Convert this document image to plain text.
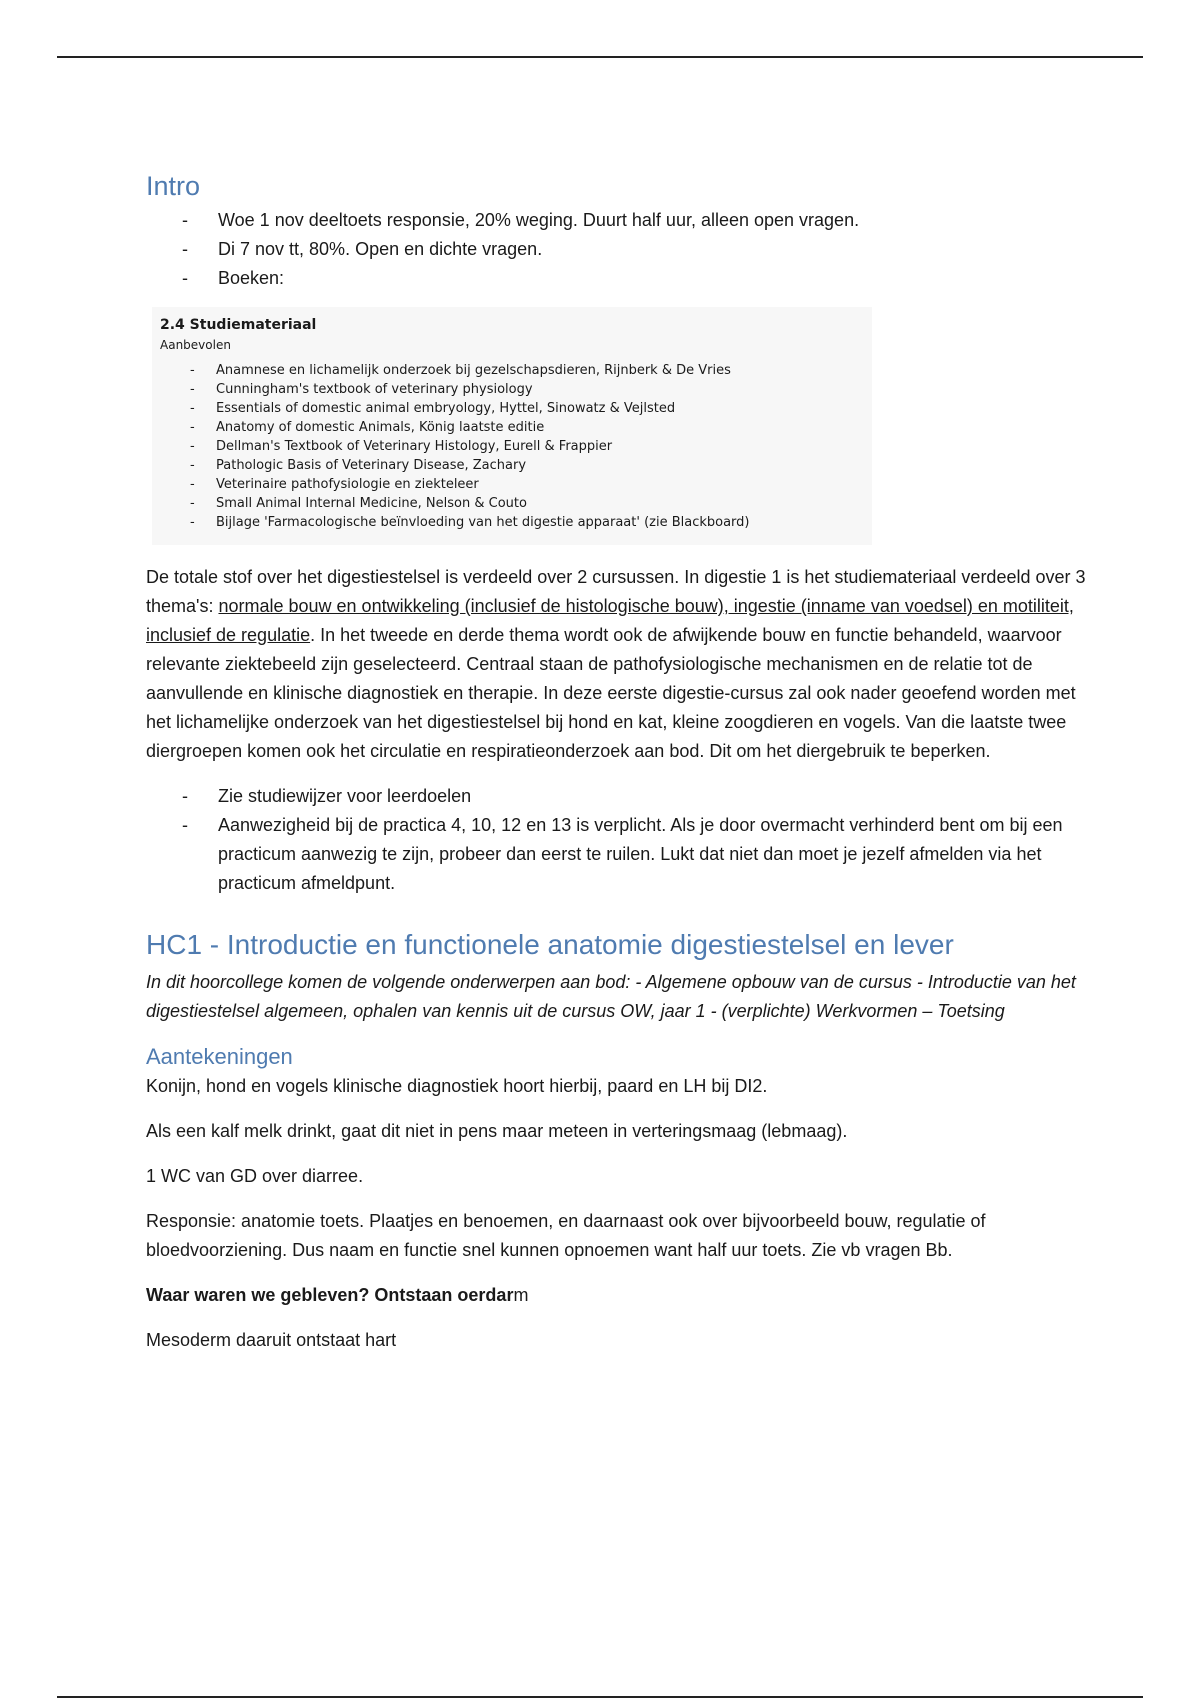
Intro
- Woe 1 nov deeltoets responsie, 20% weging. Duurt half uur, alleen open vragen.
- Di 7 nov tt, 80%. Open en dichte vragen.
- Boeken:
2.4 Studiemateriaal
Aanbevolen
- Anamnese en lichamelijk onderzoek bij gezelschapsdieren, Rijnberk & De Vries
- Cunningham's textbook of veterinary physiology
- Essentials of domestic animal embryology, Hyttel, Sinowatz & Vejlsted
- Anatomy of domestic Animals, König laatste editie
- Dellman's Textbook of Veterinary Histology, Eurell & Frappier
- Pathologic Basis of Veterinary Disease, Zachary
- Veterinaire pathofysiologie en ziekteleer
- Small Animal Internal Medicine, Nelson & Couto
- Bijlage 'Farmacologische beïnvloeding van het digestie apparaat' (zie Blackboard)

De totale stof over het digestiestelsel is verdeeld over 2 cursussen. In digestie 1 is het studiemateriaal verdeeld over 3 thema's: normale bouw en ontwikkeling (inclusief de histologische bouw), ingestie (inname van voedsel) en motiliteit, inclusief de regulatie. In het tweede en derde thema wordt ook de afwijkende bouw en functie behandeld, waarvoor relevante ziektebeeld zijn geselecteerd. Centraal staan de pathofysiologische mechanismen en de relatie tot de aanvullende en klinische diagnostiek en therapie. In deze eerste digestie-cursus zal ook nader geoefend worden met het lichamelijke onderzoek van het digestiestelsel bij hond en kat, kleine zoogdieren en vogels. Van die laatste twee diergroepen komen ook het circulatie en respiratieonderzoek aan bod. Dit om het diergebruik te beperken.

- Zie studiewijzer voor leerdoelen
- Aanwezigheid bij de practica 4, 10, 12 en 13 is verplicht. Als je door overmacht verhinderd bent om bij een practicum aanwezig te zijn, probeer dan eerst te ruilen. Lukt dat niet dan moet je jezelf afmelden via het practicum afmeldpunt.
HC1 - Introductie en functionele anatomie digestiestelsel en lever

In dit hoorcollege komen de volgende onderwerpen aan bod: - Algemene opbouw van de cursus - Introductie van het digestiestelsel algemeen, ophalen van kennis uit de cursus OW, jaar 1 - (verplichte) Werkvormen – Toetsing

Aantekeningen

Konijn, hond en vogels klinische diagnostiek hoort hierbij, paard en LH bij DI2.

Als een kalf melk drinkt, gaat dit niet in pens maar meteen in verteringsmaag (lebmaag).

1 WC van GD over diarree.

Responsie: anatomie toets. Plaatjes en benoemen, en daarnaast ook over bijvoorbeeld bouw, regulatie of bloedvoorziening. Dus naam en functie snel kunnen opnoemen want half uur toets. Zie vb vragen Bb.

Waar waren we gebleven? Ontstaan oerdarm

Mesoderm daaruit ontstaat hart
